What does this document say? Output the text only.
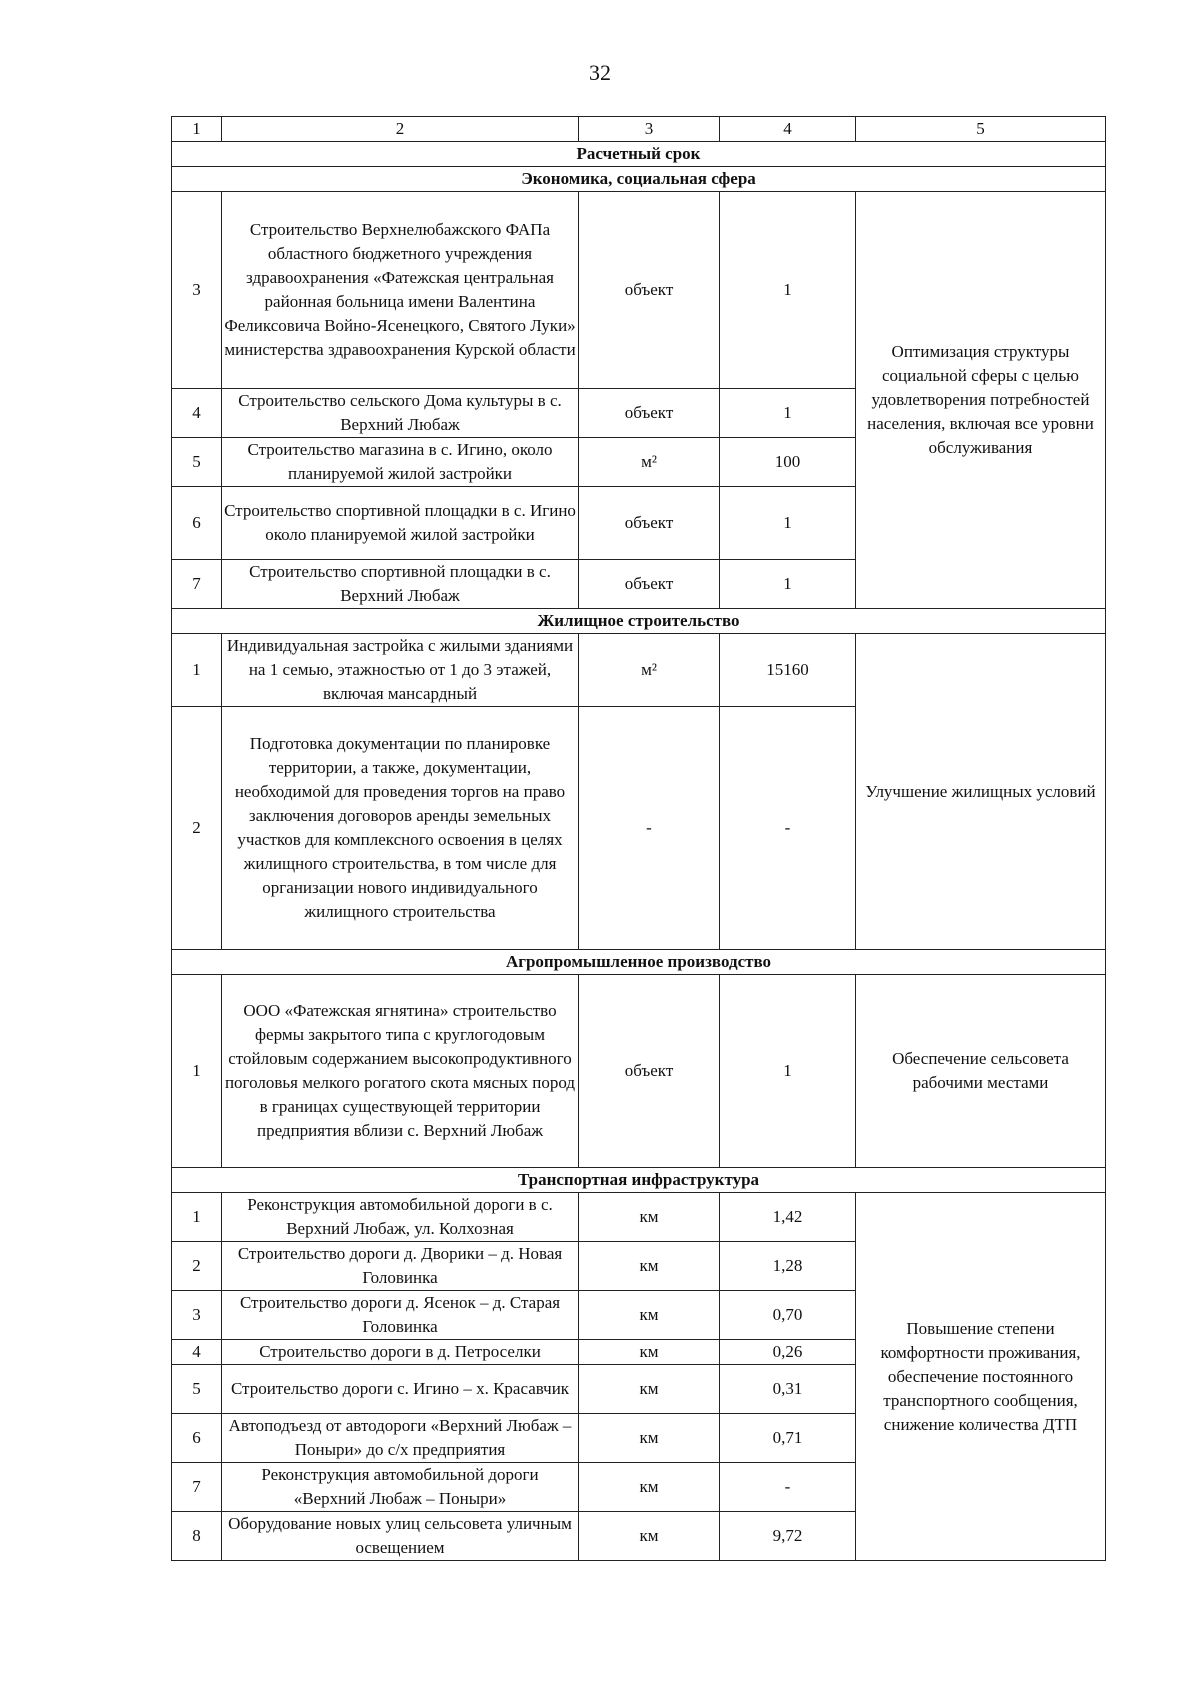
32
1	2	3	4	5
Расчетный срок				
Экономика, социальная сфера				
3	Строительство Верхнелюбажского ФАПа областного бюджетного учреждения здравоохранения «Фатежская центральная районная больница имени Валентина Феликсовича Войно-Ясенецкого, Святого Луки» министерства здравоохранения Курской области	объект	1	Оптимизация структуры социальной сферы с целью удовлетворения потребностей населения, включая все уровни обслуживания
4	Строительство сельского Дома культуры в с. Верхний Любаж	объект	1	
5	Строительство магазина в с. Игино, около планируемой жилой застройки	м²	100	
6	Строительство спортивной площадки в с. Игино около планируемой жилой застройки	объект	1	
7	Строительство спортивной площадки в с. Верхний Любаж	объект	1	
Жилищное строительство				
1	Индивидуальная застройка с жилыми зданиями на 1 семью, этажностью от 1 до 3 этажей, включая мансардный	м²	15160	Улучшение жилищных условий
2	Подготовка документации по планировке территории, а также, документации, необходимой для проведения торгов на право заключения договоров аренды земельных участков для комплексного освоения в целях жилищного строительства, в том числе для организации нового индивидуального жилищного строительства	-	-	
Агропромышленное производство				
1	ООО «Фатежская ягнятина» строительство фермы закрытого типа с круглогодовым стойловым содержанием высокопродуктивного поголовья мелкого рогатого скота мясных пород в границах существующей территории предприятия вблизи с. Верхний Любаж	объект	1	Обеспечение сельсовета рабочими местами
Транспортная инфраструктура				
1	Реконструкция автомобильной дороги в с. Верхний Любаж, ул. Колхозная	км	1,42	Повышение степени комфортности проживания, обеспечение постоянного транспортного сообщения, снижение количества ДТП
2	Строительство дороги д. Дворики – д. Новая Головинка	км	1,28	
3	Строительство дороги д. Ясенок – д. Старая Головинка	км	0,70	
4	Строительство дороги в д. Петроселки	км	0,26	
5	Строительство дороги с. Игино – х. Красавчик	км	0,31	
6	Автоподъезд от автодороги «Верхний Любаж – Поныри» до с/х предприятия	км	0,71	
7	Реконструкция автомобильной дороги «Верхний Любаж – Поныри»	км	-	
8	Оборудование новых улиц сельсовета уличным освещением	км	9,72	
